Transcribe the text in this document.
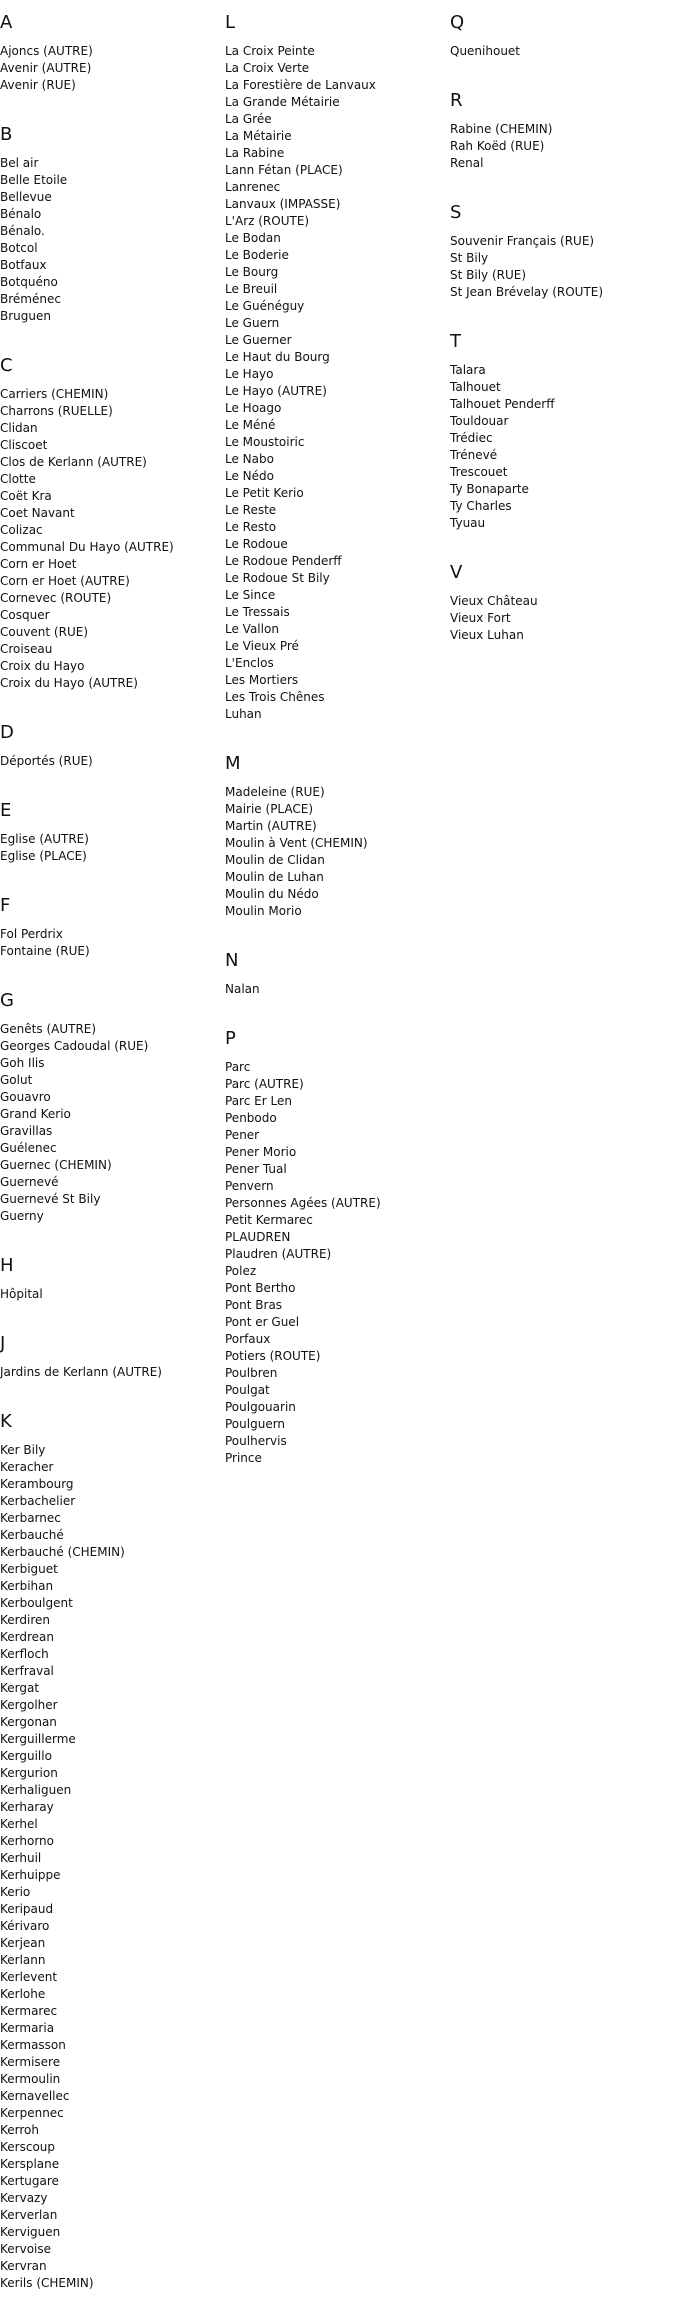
A
Ajoncs (AUTRE)
Avenir (AUTRE)
Avenir (RUE)
B
Bel air
Belle Etoile
Bellevue
Bénalo
Bénalo.
Botcol
Botfaux
Botquéno
Bréménec
Bruguen
C
Carriers (CHEMIN)
Charrons (RUELLE)
Clidan
Cliscoet
Clos de Kerlann (AUTRE)
Clotte
Coët Kra
Coet Navant
Colizac
Communal Du Hayo (AUTRE)
Corn er Hoet
Corn er Hoet (AUTRE)
Cornevec (ROUTE)
Cosquer
Couvent (RUE)
Croiseau
Croix du Hayo
Croix du Hayo (AUTRE)
D
Déportés (RUE)
E
Eglise (AUTRE)
Eglise (PLACE)
F
Fol Perdrix
Fontaine (RUE)
G
Genêts (AUTRE)
Georges Cadoudal (RUE)
Goh Ilis
Golut
Gouavro
Grand Kerio
Gravillas
Guélenec
Guernec (CHEMIN)
Guernevé
Guernevé St Bily
Guerny
H
Hôpital
J
Jardins de Kerlann (AUTRE)
K
Ker Bily
Keracher
Kerambourg
Kerbachelier
Kerbarnec
Kerbauché
Kerbauché (CHEMIN)
Kerbiguet
Kerbihan
Kerboulgent
Kerdiren
Kerdrean
Kerfloch
Kerfraval
Kergat
Kergolher
Kergonan
Kerguillerme
Kerguillo
Kergurion
Kerhaliguen
Kerharay
Kerhel
Kerhorno
Kerhuil
Kerhuippe
Kerio
Keripaud
Kérivaro
Kerjean
Kerlann
Kerlevent
Kerlohe
Kermarec
Kermaria
Kermasson
Kermisere
Kermoulin
Kernavellec
Kerpennec
Kerroh
Kerscoup
Kersplane
Kertugare
Kervazy
Kerverlan
Kerviguen
Kervoise
Kervran
Kerils (CHEMIN)
L
La Croix Peinte
La Croix Verte
La Forestière de Lanvaux
La Grande Métairie
La Grée
La Métairie
La Rabine
Lann Fétan (PLACE)
Lanrenec
Lanvaux (IMPASSE)
L'Arz (ROUTE)
Le Bodan
Le Boderie
Le Bourg
Le Breuil
Le Guénéguy
Le Guern
Le Guerner
Le Haut du Bourg
Le Hayo
Le Hayo (AUTRE)
Le Hoago
Le Méné
Le Moustoiric
Le Nabo
Le Nédo
Le Petit Kerio
Le Reste
Le Resto
Le Rodoue
Le Rodoue Penderff
Le Rodoue St Bily
Le Since
Le Tressais
Le Vallon
Le Vieux Pré
L'Enclos
Les Mortiers
Les Trois Chênes
Luhan
M
Madeleine (RUE)
Mairie (PLACE)
Martin (AUTRE)
Moulin à Vent (CHEMIN)
Moulin de Clidan
Moulin de Luhan
Moulin du Nédo
Moulin Morio
N
Nalan
P
Parc
Parc (AUTRE)
Parc Er Len
Penbodo
Pener
Pener Morio
Pener Tual
Penvern
Personnes Agées (AUTRE)
Petit Kermarec
PLAUDREN
Plaudren (AUTRE)
Polez
Pont Bertho
Pont Bras
Pont er Guel
Porfaux
Potiers (ROUTE)
Poulbren
Poulgat
Poulgouarin
Poulguern
Poulhervis
Prince
Q
Quenihouet
R
Rabine (CHEMIN)
Rah Koëd (RUE)
Renal
S
Souvenir Français (RUE)
St Bily
St Bily (RUE)
St Jean Brévelay (ROUTE)
T
Talara
Talhouet
Talhouet Penderff
Touldouar
Trédiec
Trénevé
Trescouet
Ty Bonaparte
Ty Charles
Tyuau
V
Vieux Château
Vieux Fort
Vieux Luhan
